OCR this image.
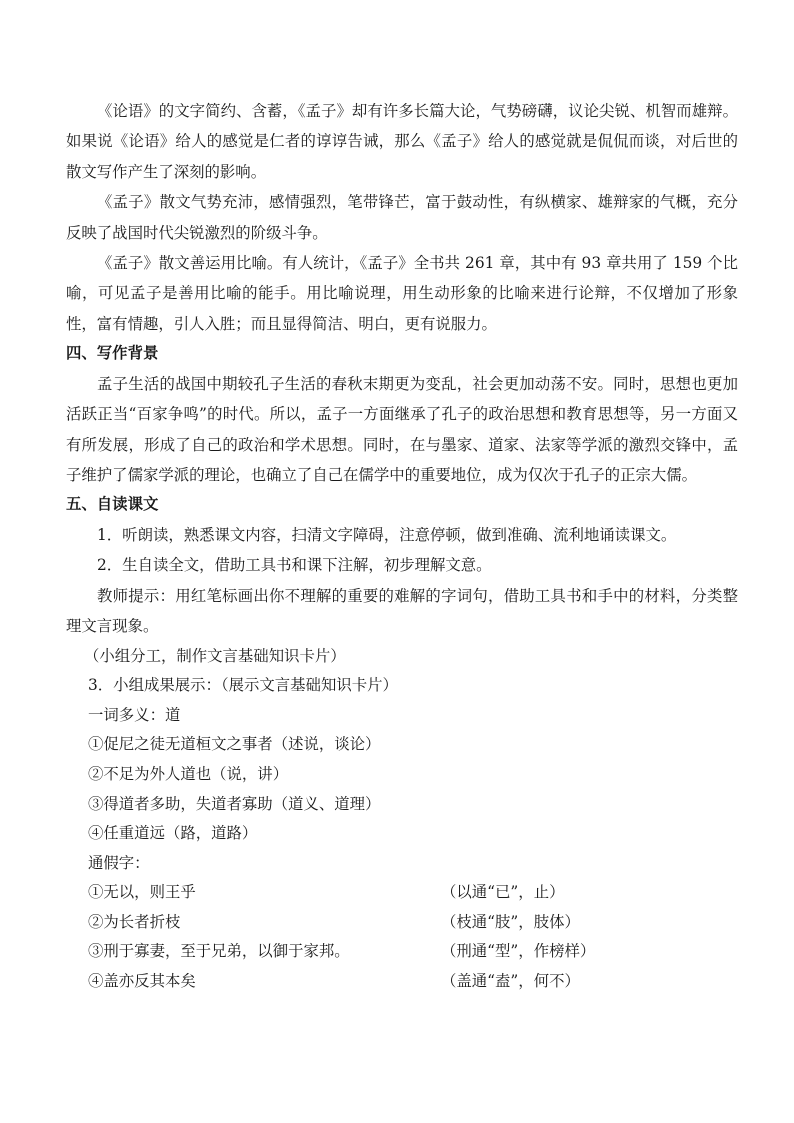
《论语》的文字简约、含蓄，《孟子》却有许多长篇大论，气势磅礴，议论尖锐、机智而雄辩。如果说《论语》给人的感觉是仁者的谆谆告诫，那么《孟子》给人的感觉就是侃侃而谈，对后世的散文写作产生了深刻的影响。

《孟子》散文气势充沛，感情强烈，笔带锋芒，富于鼓动性，有纵横家、雄辩家的气概，充分反映了战国时代尖锐激烈的阶级斗争。

《孟子》散文善运用比喻。有人统计，《孟子》全书共 261 章，其中有 93 章共用了 159 个比喻，可见孟子是善用比喻的能手。用比喻说理，用生动形象的比喻来进行论辩，不仅增加了形象性，富有情趣，引人入胜；而且显得简洁、明白，更有说服力。

四、写作背景

孟子生活的战国中期较孔子生活的春秋末期更为变乱，社会更加动荡不安。同时，思想也更加活跃正当“百家争鸣”的时代。所以，孟子一方面继承了孔子的政治思想和教育思想等，另一方面又有所发展，形成了自己的政治和学术思想。同时，在与墨家、道家、法家等学派的激烈交锋中，孟子维护了儒家学派的理论，也确立了自己在儒学中的重要地位，成为仅次于孔子的正宗大儒。

五、自读课文

1．听朗读，熟悉课文内容，扫清文字障碍，注意停顿，做到准确、流利地诵读课文。

2．生自读全文，借助工具书和课下注解，初步理解文意。

教师提示：用红笔标画出你不理解的重要的难解的字词句，借助工具书和手中的材料，分类整理文言现象。

（小组分工，制作文言基础知识卡片）

3．小组成果展示：（展示文言基础知识卡片）

一词多义：道

①促尼之徒无道桓文之事者（述说，谈论）

②不足为外人道也（说，讲）

③得道者多助，失道者寡助（道义、道理）

④任重道远（路，道路）

通假字：

①无以，则王乎	（以通“已”，止）
②为长者折枝	（枝通“肢”，肢体）
③刑于寡妻，至于兄弟，以御于家邦。	（刑通“型”，作榜样）
④盖亦反其本矣	（盖通“盍”，何不）
